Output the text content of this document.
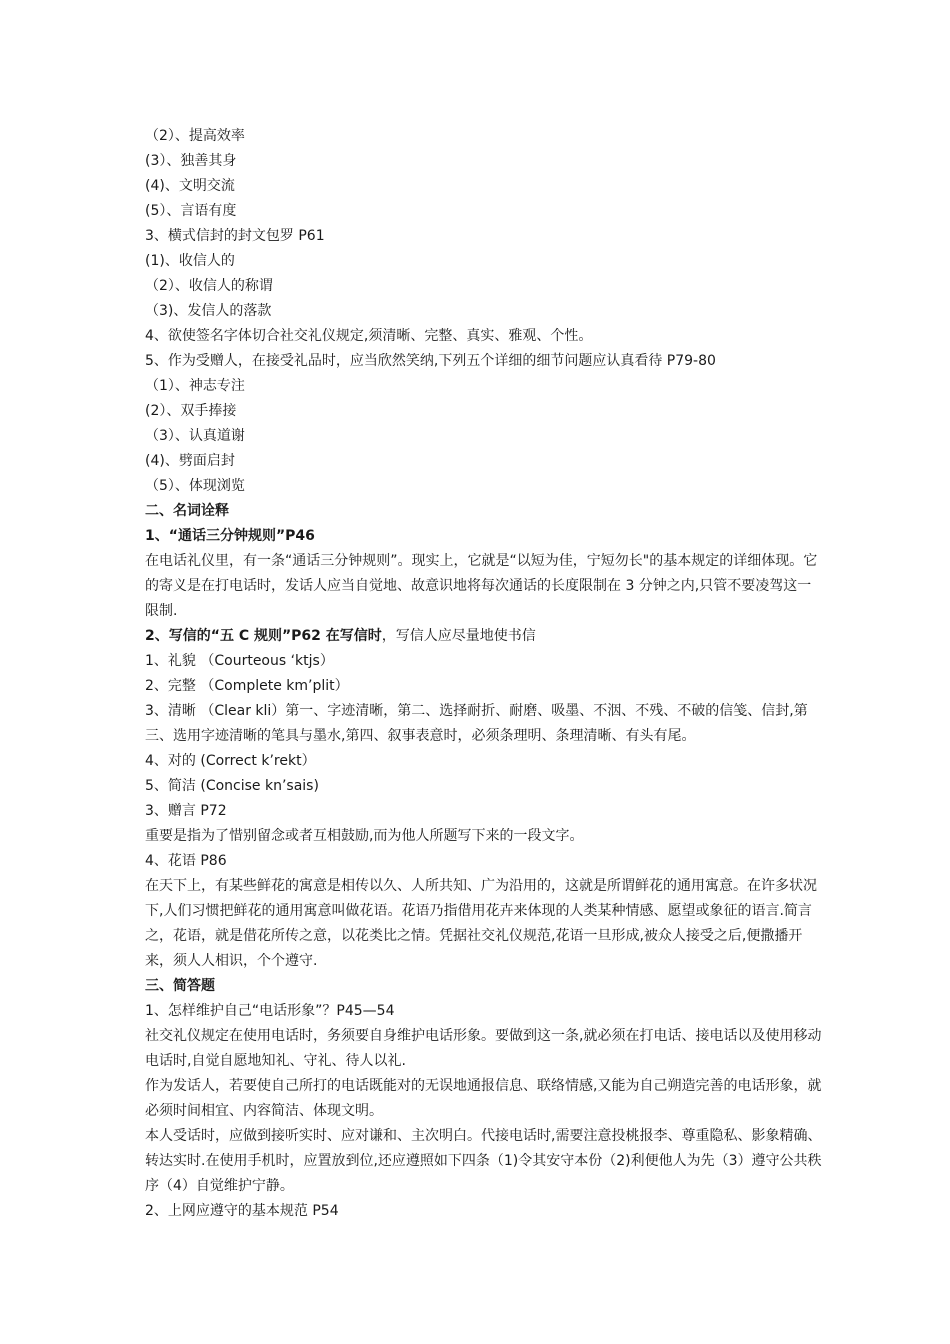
（2）、提高效率

(3）、独善其身

(4)、文明交流

(5）、言语有度

3、横式信封的封文包罗 P61

(1)、收信人的

（2）、收信人的称谓

（3)、发信人的落款

4、欲使签名字体切合社交礼仪规定,须清晰、完整、真实、雅观、个性。

5、作为受赠人，在接受礼品时，应当欣然笑纳,下列五个详细的细节问题应认真看待 P79-80

（1）、神志专注

(2）、双手捧接

（3）、认真道谢

(4)、劈面启封

（5）、体现浏览

二、名词诠释

1、“通话三分钟规则”P46

在电话礼仪里，有一条“通话三分钟规则”。现实上，它就是“以短为佳，宁短勿长"的基本规定的详细体现。它的寄义是在打电话时，发话人应当自觉地、故意识地将每次通话的长度限制在 3 分钟之内,只管不要凌驾这一限制.

2、写信的“五 C 规则”P62 在写信时，写信人应尽量地使书信

1、礼貌 （Courteous ‘ktjs）

2、完整 （Complete km’plit）

3、清晰 （Clear kli）第一、字迹清晰，第二、选择耐折、耐磨、吸墨、不洇、不残、不破的信笺、信封,第三、选用字迹清晰的笔具与墨水,第四、叙事表意时，必须条理明、条理清晰、有头有尾。

4、对的 (Correct k’rekt）

5、简洁 (Concise kn’sais)

3、赠言 P72

重要是指为了惜别留念或者互相鼓励,而为他人所题写下来的一段文字。

4、花语 P86

在天下上，有某些鲜花的寓意是相传以久、人所共知、广为沿用的，这就是所谓鲜花的通用寓意。在许多状况下,人们习惯把鲜花的通用寓意叫做花语。花语乃指借用花卉来体现的人类某种情感、愿望或象征的语言.简言之，花语，就是借花所传之意，以花类比之情。凭据社交礼仪规范,花语一旦形成,被众人接受之后,便撒播开来，须人人相识，个个遵守.

三、简答题

1、怎样维护自己“电话形象”？P45—54

社交礼仪规定在使用电话时，务须要自身维护电话形象。要做到这一条,就必须在打电话、接电话以及使用移动电话时,自觉自愿地知礼、守礼、待人以礼.

作为发话人，若要使自己所打的电话既能对的无误地通报信息、联络情感,又能为自己朔造完善的电话形象，就必须时间相宜、内容简洁、体现文明。

本人受话时，应做到接听实时、应对谦和、主次明白。代接电话时,需要注意投桃报李、尊重隐私、影象精确、转达实时.在使用手机时，应置放到位,还应遵照如下四条（1)令其安守本份（2)利便他人为先（3）遵守公共秩序（4）自觉维护宁静。

2、上网应遵守的基本规范 P54
